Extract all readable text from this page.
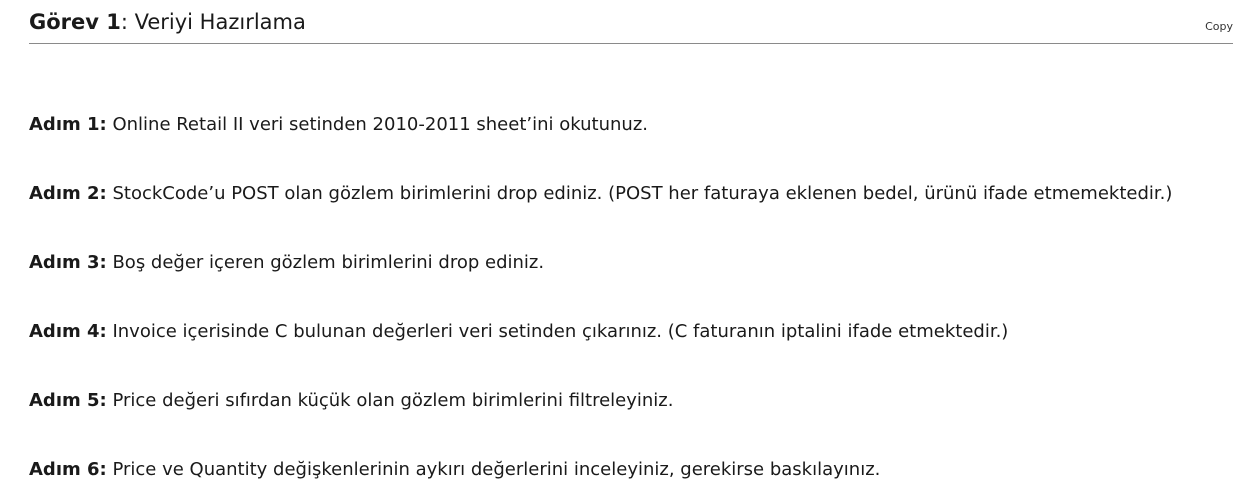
Görev 1: Veriyi Hazırlama	Copy
Adım 1: Online Retail II veri setinden 2010-2011 sheet’ini okutunuz.
Adım 2: StockCode’u POST olan gözlem birimlerini drop ediniz. (POST her faturaya eklenen bedel, ürünü ifade etmemektedir.)
Adım 3: Boş değer içeren gözlem birimlerini drop ediniz.
Adım 4: Invoice içerisinde C bulunan değerleri veri setinden çıkarınız. (C faturanın iptalini ifade etmektedir.)
Adım 5: Price değeri sıfırdan küçük olan gözlem birimlerini filtreleyiniz.
Adım 6: Price ve Quantity değişkenlerinin aykırı değerlerini inceleyiniz, gerekirse baskılayınız.
